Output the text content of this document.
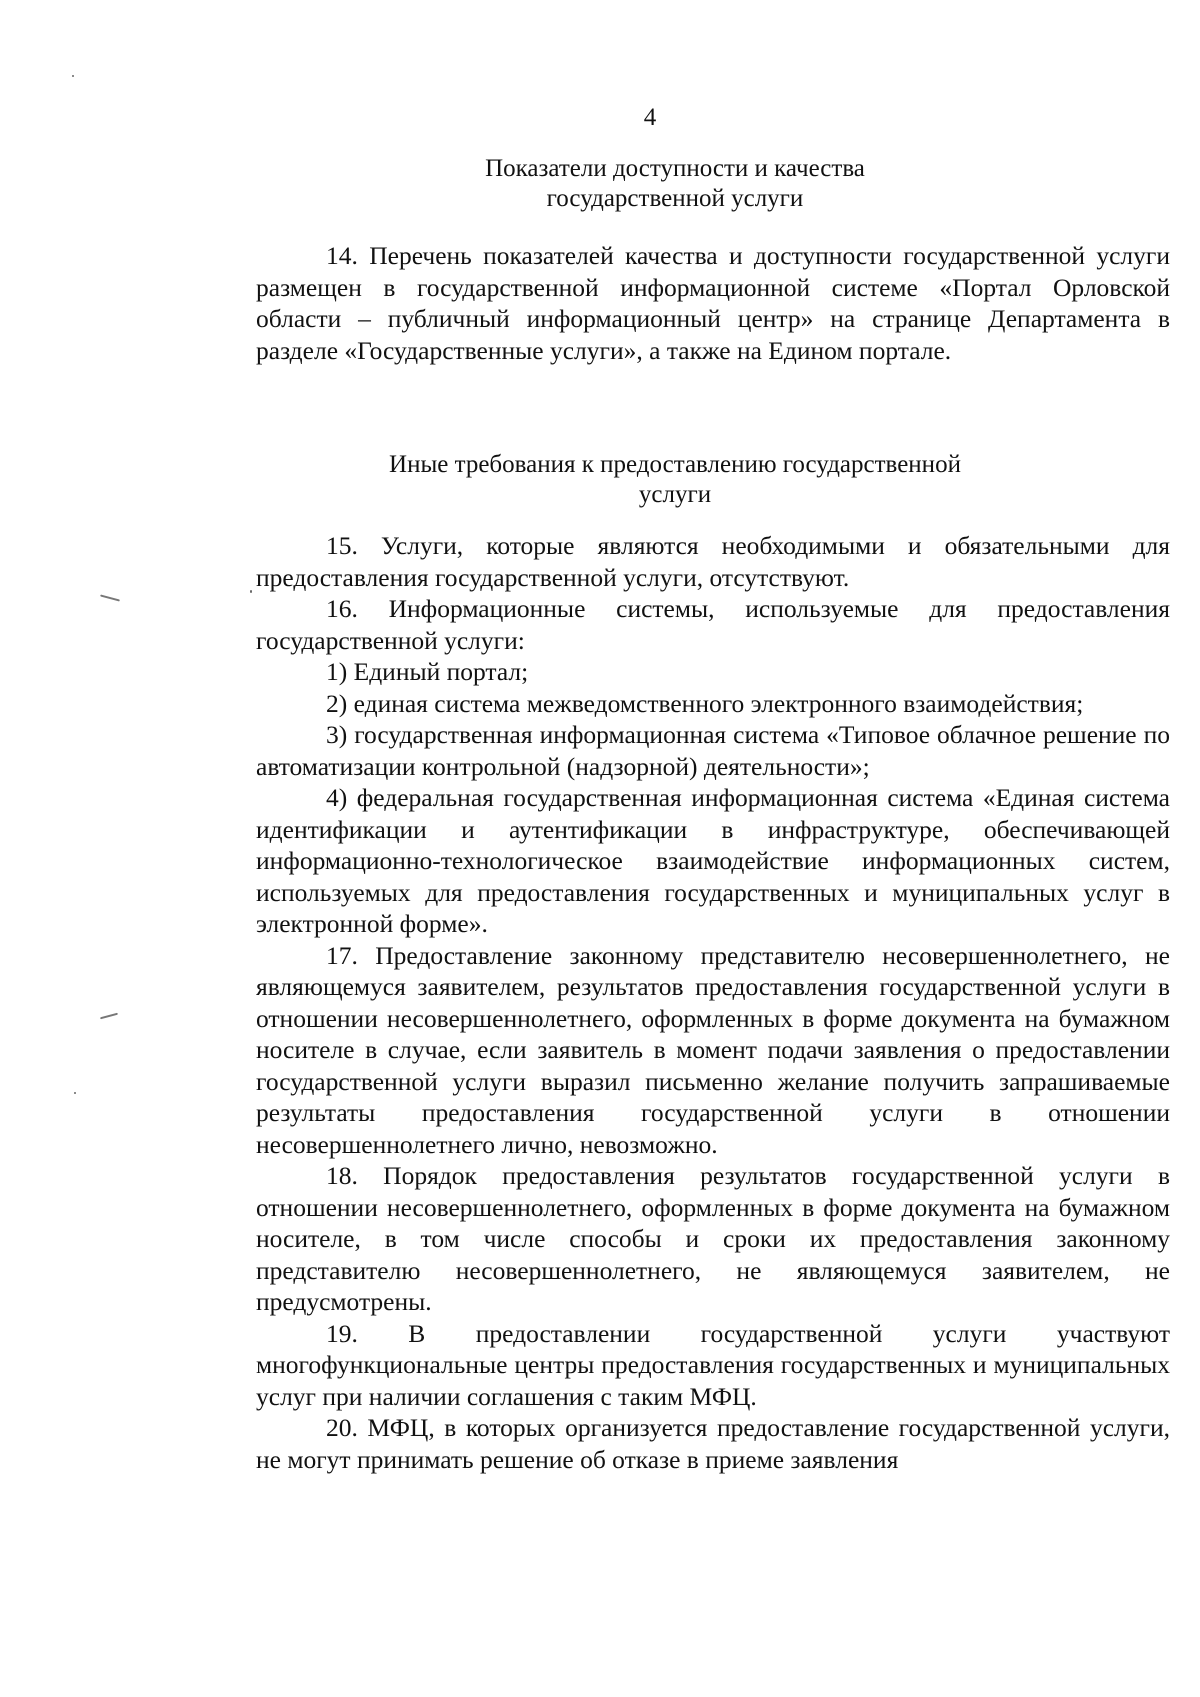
4
Показатели доступности и качества
государственной услуги

14. Перечень показателей качества и доступности государственной услуги размещен в государственной информационной системе «Портал Орловской области – публичный информационный центр» на странице Департамента в разделе «Государственные услуги», а также на Едином портале.

Иные требования к предоставлению государственной
услуги

15. Услуги, которые являются необходимыми и обязательными для предоставления государственной услуги, отсутствуют.

16. Информационные системы, используемые для предоставления государственной услуги:

1) Единый портал;

2) единая система межведомственного электронного взаимодействия;

3) государственная информационная система «Типовое облачное решение по автоматизации контрольной (надзорной) деятельности»;

4) федеральная государственная информационная система «Единая система идентификации и аутентификации в инфраструктуре, обеспечивающей информационно-технологическое взаимодействие информационных систем, используемых для предоставления государственных и муниципальных услуг в электронной форме».

17. Предоставление законному представителю несовершеннолетнего, не являющемуся заявителем, результатов предоставления государственной услуги в отношении несовершеннолетнего, оформленных в форме документа на бумажном носителе в случае, если заявитель в момент подачи заявления о предоставлении государственной услуги выразил письменно желание получить запрашиваемые результаты предоставления государственной услуги в отношении несовершеннолетнего лично, невозможно.

18. Порядок предоставления результатов государственной услуги в отношении несовершеннолетнего, оформленных в форме документа на бумажном носителе, в том числе способы и сроки их предоставления законному представителю несовершеннолетнего, не являющемуся заявителем, не предусмотрены.

19. В предоставлении государственной услуги участвуют многофункциональные центры предоставления государственных и муниципальных услуг при наличии соглашения с таким МФЦ.

20. МФЦ, в которых организуется предоставление государственной услуги, не могут принимать решение об отказе в приеме заявления
